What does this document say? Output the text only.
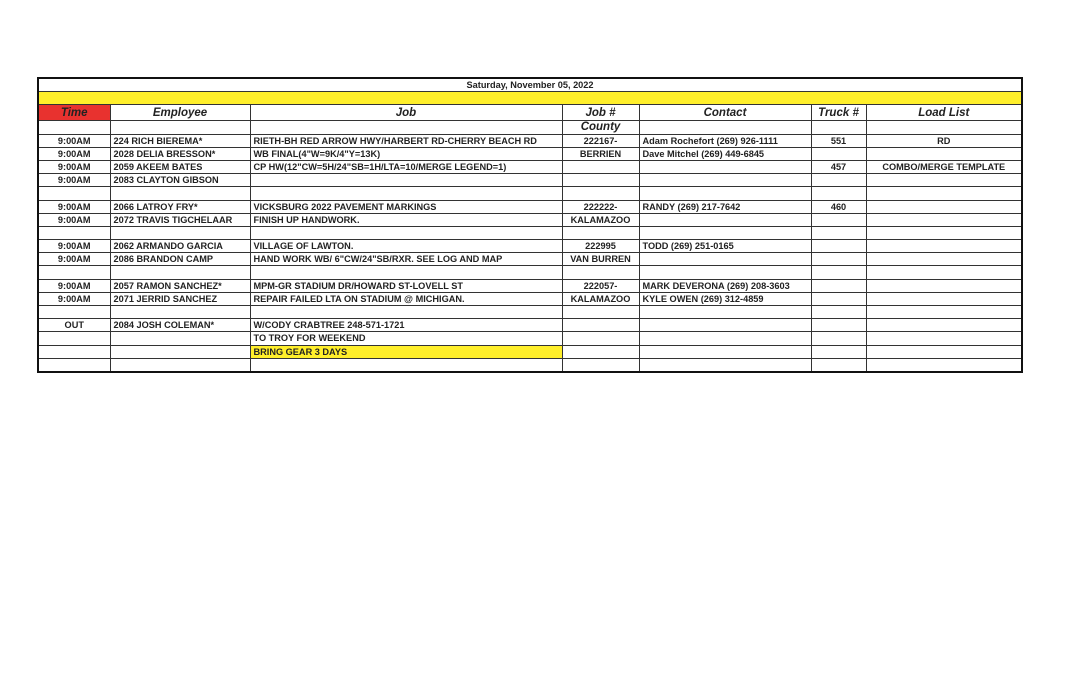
Saturday, November 05, 2022						

Time	Employee	Job	Job #	Contact	Truck #	Load List
			County			
9:00AM	224 RICH BIEREMA*	RIETH-BH RED ARROW HWY/HARBERT RD-CHERRY BEACH RD	222167-	Adam Rochefort (269) 926-1111	551	RD
9:00AM	2028 DELIA BRESSON*	WB FINAL(4"W=9K/4"Y=13K)	BERRIEN	Dave Mitchel (269) 449-6845		
9:00AM	2059 AKEEM BATES	CP HW(12"CW=5H/24"SB=1H/LTA=10/MERGE LEGEND=1)			457	COMBO/MERGE TEMPLATE
9:00AM	2083 CLAYTON GIBSON					

9:00AM	2066 LATROY FRY*	VICKSBURG 2022 PAVEMENT MARKINGS	222222-	RANDY (269) 217-7642	460	
9:00AM	2072 TRAVIS TIGCHELAAR	FINISH UP HANDWORK.	KALAMAZOO			

9:00AM	2062 ARMANDO GARCIA	VILLAGE OF LAWTON.	222995	TODD (269) 251-0165		
9:00AM	2086 BRANDON CAMP	HAND WORK WB/ 6"CW/24"SB/RXR. SEE LOG AND MAP	VAN BURREN			

9:00AM	2057 RAMON SANCHEZ*	MPM-GR STADIUM DR/HOWARD ST-LOVELL ST	222057-	MARK DEVERONA (269) 208-3603		
9:00AM	2071 JERRID SANCHEZ	REPAIR FAILED LTA ON STADIUM @ MICHIGAN.	KALAMAZOO	KYLE OWEN (269) 312-4859		

OUT	2084 JOSH COLEMAN*	W/CODY CRABTREE 248-571-1721				
		TO TROY FOR WEEKEND				
		BRING GEAR 3 DAYS				
